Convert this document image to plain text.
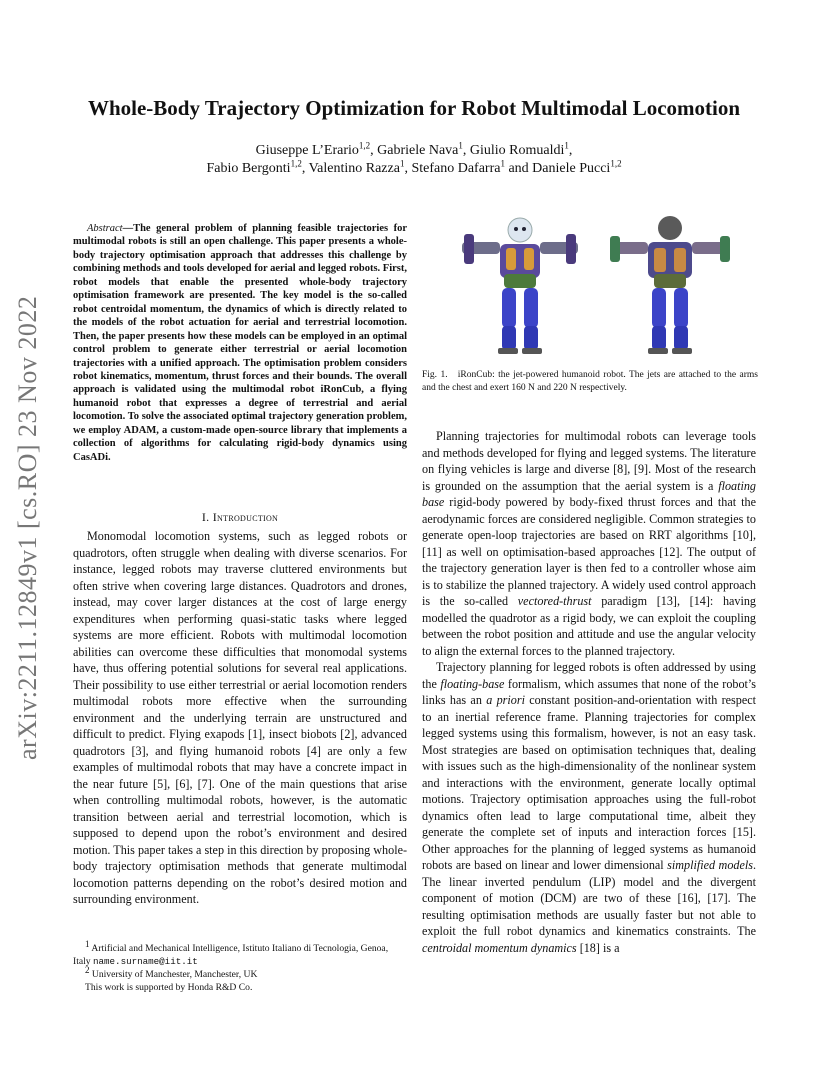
arXiv:2211.12849v1 [cs.RO] 23 Nov 2022
Whole-Body Trajectory Optimization for Robot Multimodal Locomotion
Giuseppe L’Erario$^{1,2}$, Gabriele Nava$^1$, Giulio Romualdi$^1$,
Fabio Bergonti$^{1,2}$, Valentino Razza$^1$, Stefano Dafarra$^1$ and Daniele Pucci$^{1,2}$
Abstract—The general problem of planning feasible trajectories for multimodal robots is still an open challenge. This paper presents a whole-body trajectory optimisation approach that addresses this challenge by combining methods and tools developed for aerial and legged robots. First, robot models that enable the presented whole-body trajectory optimisation framework are presented. The key model is the so-called robot centroidal momentum, the dynamics of which is directly related to the models of the robot actuation for aerial and terrestrial locomotion. Then, the paper presents how these models can be employed in an optimal control problem to generate either terrestrial or aerial locomotion trajectories with a unified approach. The optimisation problem considers robot kinematics, momentum, thrust forces and their bounds. The overall approach is validated using the multimodal robot iRonCub, a flying humanoid robot that expresses a degree of terrestrial and aerial locomotion. To solve the associated optimal trajectory generation problem, we employ ADAM, a custom-made open-source library that implements a collection of algorithms for calculating rigid-body dynamics using CasADi.
I. Introduction

Monomodal locomotion systems, such as legged robots or quadrotors, often struggle when dealing with diverse scenarios. For instance, legged robots may traverse cluttered environments but often strive when covering large distances. Quadrotors and drones, instead, may cover larger distances at the cost of large energy expenditures when performing quasi-static tasks where legged systems are more efficient. Robots with multimodal locomotion abilities can overcome these difficulties that monomodal systems have, thus offering potential solutions for several real applications. Their possibility to use either terrestrial or aerial locomotion renders multimodal robots more effective when the surrounding environment and the underlying terrain are unstructured and difficult to predict. Flying exapods [1], insect biobots [2], advanced quadrotors [3], and flying humanoid robots [4] are only a few examples of multimodal robots that may have a concrete impact in the near future [5], [6], [7]. One of the main questions that arise when controlling multimodal robots, however, is the automatic transition between aerial and terrestrial locomotion, which is supposed to depend upon the robot’s environment and desired motion. This paper takes a step in this direction by proposing whole-body trajectory optimisation methods that generate multimodal locomotion patterns depending on the robot’s desired motion and surrounding environment.

$^1$ Artificial and Mechanical Intelligence, Istituto Italiano di Tecnologia, Genoa, Italy name.surname@iit.it
$^2$ University of Manchester, Manchester, UK
This work is supported by Honda R&D Co.
Fig. 1. iRonCub: the jet-powered humanoid robot. The jets are attached to the arms and the chest and exert 160 N and 220 N respectively.

Planning trajectories for multimodal robots can leverage tools and methods developed for flying and legged systems. The literature on flying vehicles is large and diverse [8], [9]. Most of the research is grounded on the assumption that the aerial system is a floating base rigid-body powered by body-fixed thrust forces and that the aerodynamic forces are considered negligible. Common strategies to generate open-loop trajectories are based on RRT algorithms [10], [11] as well on optimisation-based approaches [12]. The output of the trajectory generation layer is then fed to a controller whose aim is to stabilize the planned trajectory. A widely used control approach is the so-called vectored-thrust paradigm [13], [14]: having modelled the quadrotor as a rigid body, we can exploit the coupling between the robot position and attitude and use the angular velocity to align the external forces to the planned trajectory.

Trajectory planning for legged robots is often addressed by using the floating-base formalism, which assumes that none of the robot’s links has an a priori constant position-and-orientation with respect to an inertial reference frame. Planning trajectories for complex legged systems using this formalism, however, is not an easy task. Most strategies are based on optimisation techniques that, dealing with issues such as the high-dimensionality of the nonlinear system and interactions with the environment, generate locally optimal motions. Trajectory optimisation approaches using the full-robot dynamics often lead to large computational time, albeit they generate the complete set of inputs and interaction forces [15]. Other approaches for the planning of legged systems as humanoid robots are based on linear and lower dimensional simplified models. The linear inverted pendulum (LIP) model and the divergent component of motion (DCM) are two of these [16], [17]. The resulting optimisation methods are usually faster but not able to exploit the full robot dynamics and kinematics constraints. The centroidal momentum dynamics [18] is a
